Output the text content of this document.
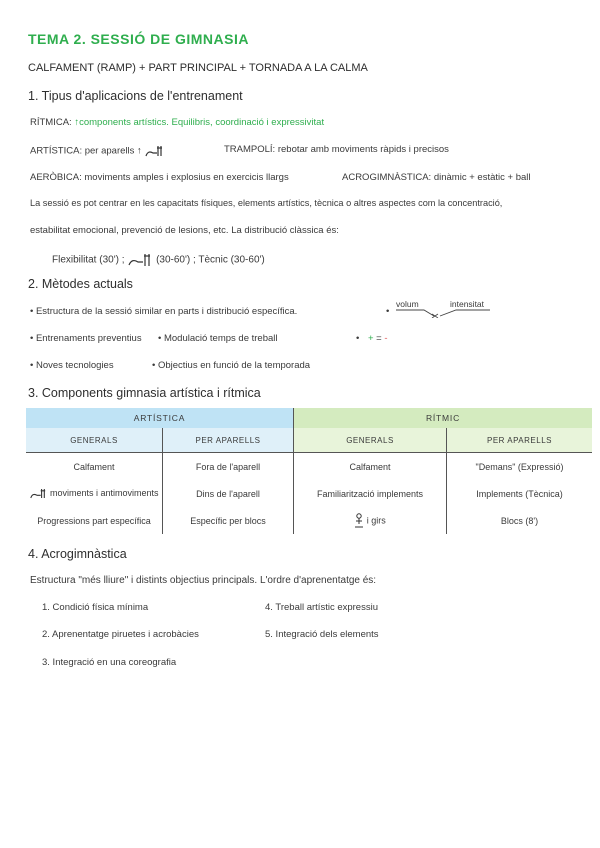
TEMA 2. SESSIÓ DE GIMNASIA
CALFAMENT (RAMP) + PART PRINCIPAL + TORNADA A LA CALMA
1. Tipus d'aplicacions de l'entrenament
RÍTMICA: ↑components artístics. Equilibris, coordinació i expressivitat
ARTÍSTICA: per aparells ↑	TRAMPOLÍ: rebotar amb moviments ràpids i precisos
AERÒBICA: moviments amples i explosius en exercicis llargs	ACROGIMNÀSTICA: dinàmic + estàtic + ball
La sessió es pot centrar en les capacitats físiques, elements artístics, tècnica o altres aspectes com la concentració,
estabilitat emocional, prevenció de lesions, etc. La distribució clàssica és:
Flexibilitat (30') ;	(30-60') ; Tècnic (30-60')
2. Mètodes actuals
• Estructura de la sessió similar en parts i distribució específica.	•
volum	intensitat
• Entrenaments preventius • Modulació temps de treball	• + = -
• Noves tecnologies	• Objectius en funció de la temporada
3. Components gimnasia artística i rítmica
ARTÍSTICA		RÍTMIC	
GENERALS	PER APARELLS	GENERALS	PER APARELLS
Calfament	Fora de l'aparell	Calfament	"Demans" (Expressió)
moviments i antimoviments	Dins de l'aparell	Familiarització implements	Implements (Tècnica)
Progressions part específica	Específic per blocs	i girs	Blocs (8')
4. Acrogimnàstica
Estructura "més lliure" i distints objectius principals. L'ordre d'aprenentatge és:
1. Condició física mínima
2. Aprenentatge piruetes i acrobàcies
3. Integració en una coreografia
4. Treball artístic expressiu
5. Integració dels elements
